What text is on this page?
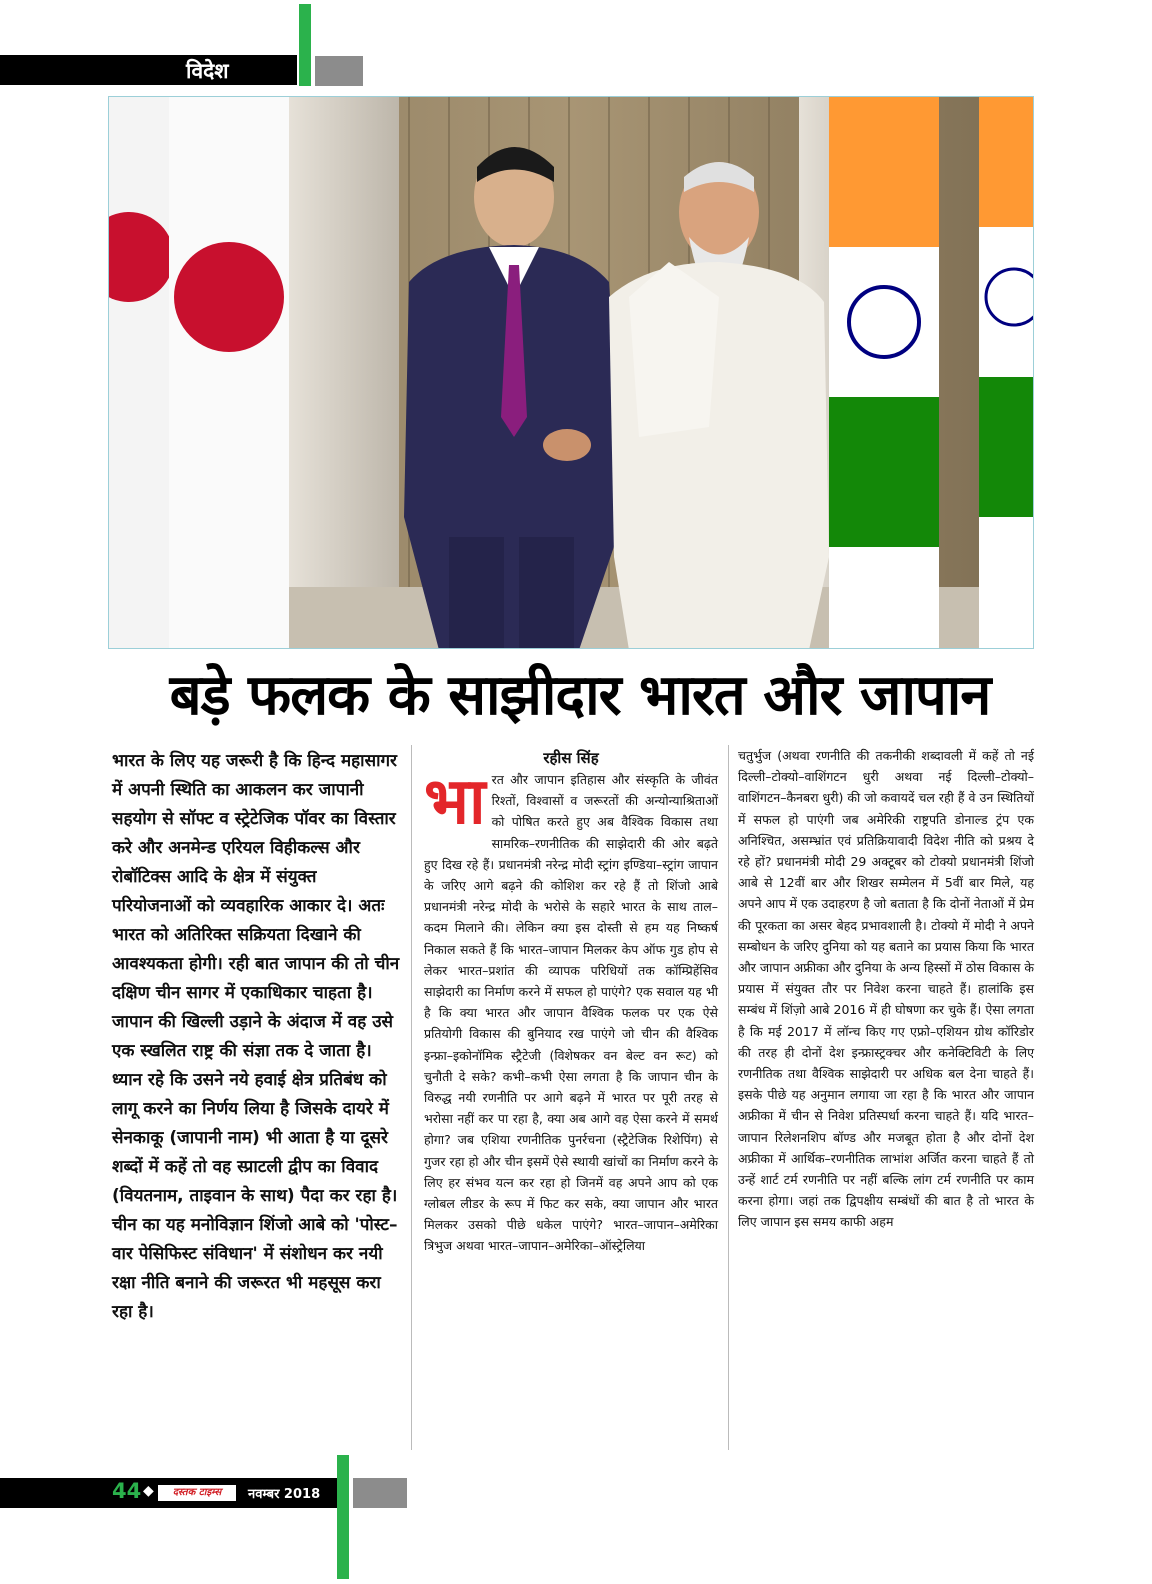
विदेश
बड़े फलक के साझीदार भारत और जापान
भारत के लिए यह जरूरी है कि हिन्द महासागर में अपनी स्थिति का आकलन कर जापानी सहयोग से सॉफ्ट व स्ट्रेटेजिक पॉवर का विस्तार करे और अनमेन्ड एरियल विहीकल्स और रोबॉटिक्स आदि के क्षेत्र में संयुक्त परियोजनाओं को व्यवहारिक आकार दे। अतः भारत को अतिरिक्त सक्रियता दिखाने की आवश्यकता होगी। रही बात जापान की तो चीन दक्षिण चीन सागर में एकाधिकार चाहता है। जापान की खिल्ली उड़ाने के अंदाज में वह उसे एक स्खलित राष्ट्र की संज्ञा तक दे जाता है। ध्यान रहे कि उसने नये हवाई क्षेत्र प्रतिबंध को लागू करने का निर्णय लिया है जिसके दायरे में सेनकाकू (जापानी नाम) भी आता है या दूसरे शब्दों में कहें तो वह स्प्राटली द्वीप का विवाद (वियतनाम, ताइवान के साथ) पैदा कर रहा है। चीन का यह मनोविज्ञान शिंजो आबे को 'पोस्ट–वार पेसिफिस्ट संविधान' में संशोधन कर नयी रक्षा नीति बनाने की जरूरत भी महसूस करा रहा है।
रहीस सिंह
भा रत और जापान इतिहास और संस्कृति के जीवंत रिश्तों, विश्वासों व जरूरतों की अन्योन्याश्रिताओं को पोषित करते हुए अब वैश्विक विकास तथा सामरिक–रणनीतिक की साझेदारी की ओर बढ़ते हुए दिख रहे हैं। प्रधानमंत्री नरेन्द्र मोदी स्ट्रांग इण्डिया–स्ट्रांग जापान के जरिए आगे बढ़ने की कोशिश कर रहे हैं तो शिंजो आबे प्रधानमंत्री नरेन्द्र मोदी के भरोसे के सहारे भारत के साथ ताल–कदम मिलाने की। लेकिन क्या इस दोस्ती से हम यह निष्कर्ष निकाल सकते हैं कि भारत–जापान मिलकर केप ऑफ गुड होप से लेकर भारत–प्रशांत की व्यापक परिधियों तक कॉम्प्रिहेंसिव साझेदारी का निर्माण करने में सफल हो पाएंगे? एक सवाल यह भी है कि क्या भारत और जापान वैश्विक फलक पर एक ऐसे प्रतियोगी विकास की बुनियाद रख पाएंगे जो चीन की वैश्विक इन्फ्रा–इकोनॉमिक स्ट्रैटेजी (विशेषकर वन बेल्ट वन रूट) को चुनौती दे सके? कभी–कभी ऐसा लगता है कि जापान चीन के विरुद्ध नयी रणनीति पर आगे बढ़ने में भारत पर पूरी तरह से भरोसा नहीं कर पा रहा है, क्या अब आगे वह ऐसा करने में समर्थ होगा? जब एशिया रणनीतिक पुनर्रचना (स्ट्रैटेजिक रिशेपिंग) से गुजर रहा हो और चीन इसमें ऐसे स्थायी खांचों का निर्माण करने के लिए हर संभव यत्न कर रहा हो जिनमें वह अपने आप को एक ग्लोबल लीडर के रूप में फिट कर सके, क्या जापान और भारत मिलकर उसको पीछे धकेल पाएंगे? भारत–जापान–अमेरिका त्रिभुज अथवा भारत–जापान–अमेरिका–ऑस्ट्रेलिया
चतुर्भुज (अथवा रणनीति की तकनीकी शब्दावली में कहें तो नई दिल्ली–टोक्यो–वाशिंगटन धुरी अथवा नई दिल्ली–टोक्यो–वाशिंगटन–कैनबरा धुरी) की जो कवायदें चल रही हैं वे उन स्थितियों में सफल हो पाएंगी जब अमेरिकी राष्ट्रपति डोनाल्ड ट्रंप एक अनिश्चित, असम्भ्रांत एवं प्रतिक्रियावादी विदेश नीति को प्रश्रय दे रहे हों? प्रधानमंत्री मोदी 29 अक्टूबर को टोक्यो प्रधानमंत्री शिंजो आबे से 12वीं बार और शिखर सम्मेलन में 5वीं बार मिले, यह अपने आप में एक उदाहरण है जो बताता है कि दोनों नेताओं में प्रेम की पूरकता का असर बेहद प्रभावशाली है। टोक्यो में मोदी ने अपने सम्बोधन के जरिए दुनिया को यह बताने का प्रयास किया कि भारत और जापान अफ्रीका और दुनिया के अन्य हिस्सों में ठोस विकास के प्रयास में संयुक्त तौर पर निवेश करना चाहते हैं। हालांकि इस सम्बंध में शिंज़ो आबे 2016 में ही घोषणा कर चुके हैं। ऐसा लगता है कि मई 2017 में लॉन्च किए गए एफ्रो–एशियन ग्रोथ कॉरिडोर की तरह ही दोनों देश इन्फ्रास्ट्रक्चर और कनेक्टिविटी के लिए रणनीतिक तथा वैश्विक साझेदारी पर अधिक बल देना चाहते हैं। इसके पीछे यह अनुमान लगाया जा रहा है कि भारत और जापान अफ्रीका में चीन से निवेश प्रतिस्पर्धा करना चाहते हैं। यदि भारत–जापान रिलेशनशिप बॉण्ड और मजबूत होता है और दोनों देश अफ्रीका में आर्थिक–रणनीतिक लाभांश अर्जित करना चाहते हैं तो उन्हें शार्ट टर्म रणनीति पर नहीं बल्कि लांग टर्म रणनीति पर काम करना होगा। जहां तक द्विपक्षीय सम्बंधों की बात है तो भारत के लिए जापान इस समय काफी अहम
44 ◆	दस्तक टाइम्स	नवम्बर 2018
